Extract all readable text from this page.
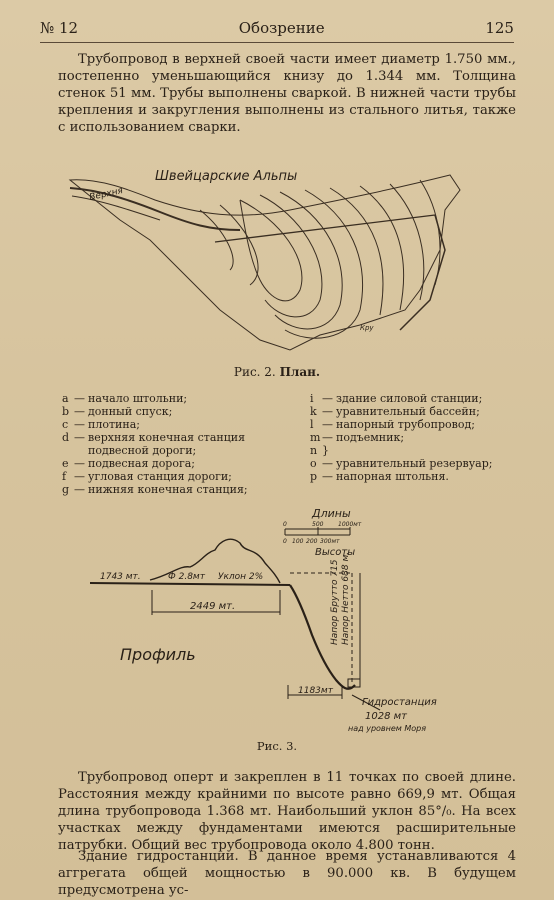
№ 12	Обозрение	125

Трубопровод в верхней своей части имеет диаметр 1.750 мм., постепенно уменьшающийся книзу до 1.344 мм. Толщина стенок 51 мм. Трубы выполнены сваркой. В нижней части трубы крепления и закругления выполнены из стального литья, также с использованием сварки.

Швейцарские Альпы
Верхня
Кру
Рис. 2. План.
a — начало штольни;
b — донный спуск;
c — плотина;
d — верхняя конечная станция подвесной дороги;
e — подвесная дорога;
f — угловая станция дороги;
g — нижняя конечная станция;
i — здание силовой станции;
k — уравнительный бассейн;
l — напорный трубопровод;
m — подъемник;
n }
o — уравнительный резервуар;
p — напорная штольня.
Длины
0	500 1000мт
0 100 200 300мт
Высоты
1743 мт.	Ф 2.8мт Уклон 2%
2449 мт.
1183мт
Напор Брутто 715 Напор Нетто 688 м.
Профиль
Гидростанция
1028 мт
над уровнем Моря
Рис. 3.

Трубопровод оперт и закреплен в 11 точках по своей длине. Расстояния между крайними по высоте равно 669,9 мт. Общая длина трубопровода 1.368 мт. Наибольший уклон 85°/₀. На всех участках между фундаментами имеются расширительные патрубки. Общий вес трубопровода около 4.800 тонн.

Здание гидростанции. В данное время устанавливаются 4 аггрегата общей мощностью в 90.000 кв. В будущем предусмотрена ус-
